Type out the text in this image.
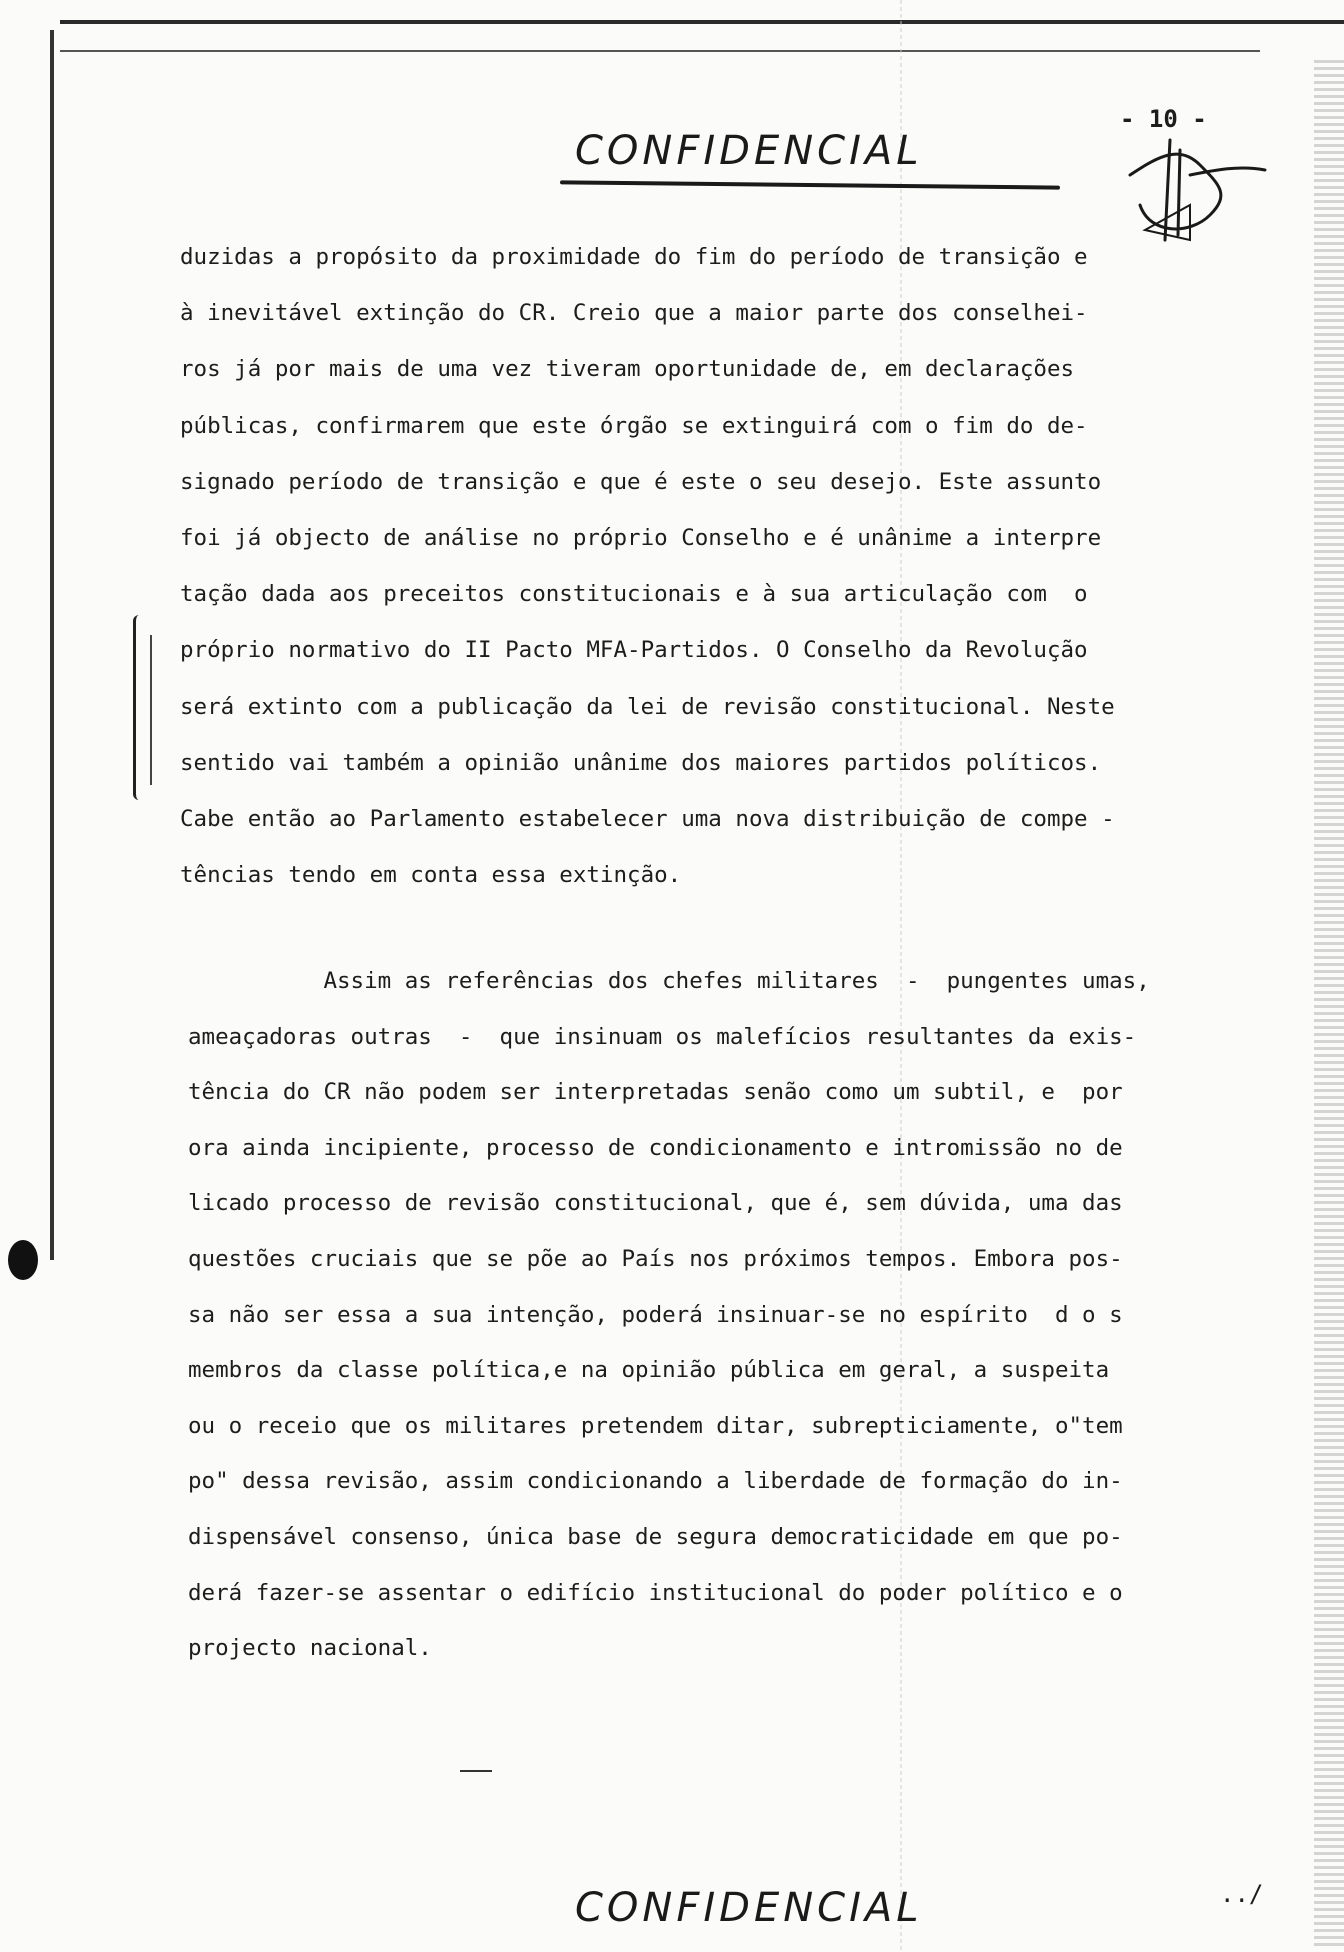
CONFIDENCIAL
- 10 -
duzidas a propósito da proximidade do fim do período de transição e
à inevitável extinção do CR. Creio que a maior parte dos conselhei-
ros já por mais de uma vez tiveram oportunidade de, em declarações
públicas, confirmarem que este órgão se extinguirá com o fim do de-
signado período de transição e que é este o seu desejo. Este assunto
foi já objecto de análise no próprio Conselho e é unânime a interpre
tação dada aos preceitos constitucionais e à sua articulação com  o
próprio normativo do II Pacto MFA-Partidos. O Conselho da Revolução
será extinto com a publicação da lei de revisão constitucional. Neste
sentido vai também a opinião unânime dos maiores partidos políticos.
Cabe então ao Parlamento estabelecer uma nova distribuição de compe -
tências tendo em conta essa extinção.
Assim as referências dos chefes militares  -  pungentes umas,
ameaçadoras outras  -  que insinuam os malefícios resultantes da exis-
tência do CR não podem ser interpretadas senão como um subtil, e  por
ora ainda incipiente, processo de condicionamento e intromissão no de
licado processo de revisão constitucional, que é, sem dúvida, uma das
questões cruciais que se põe ao País nos próximos tempos. Embora pos-
sa não ser essa a sua intenção, poderá insinuar-se no espírito  d o s
membros da classe política,e na opinião pública em geral, a suspeita
ou o receio que os militares pretendem ditar, subrepticiamente, o"tem
po" dessa revisão, assim condicionando a liberdade de formação do in-
dispensável consenso, única base de segura democraticidade em que po-
derá fazer-se assentar o edifício institucional do poder político e o
projecto nacional.
CONFIDENCIAL	../
